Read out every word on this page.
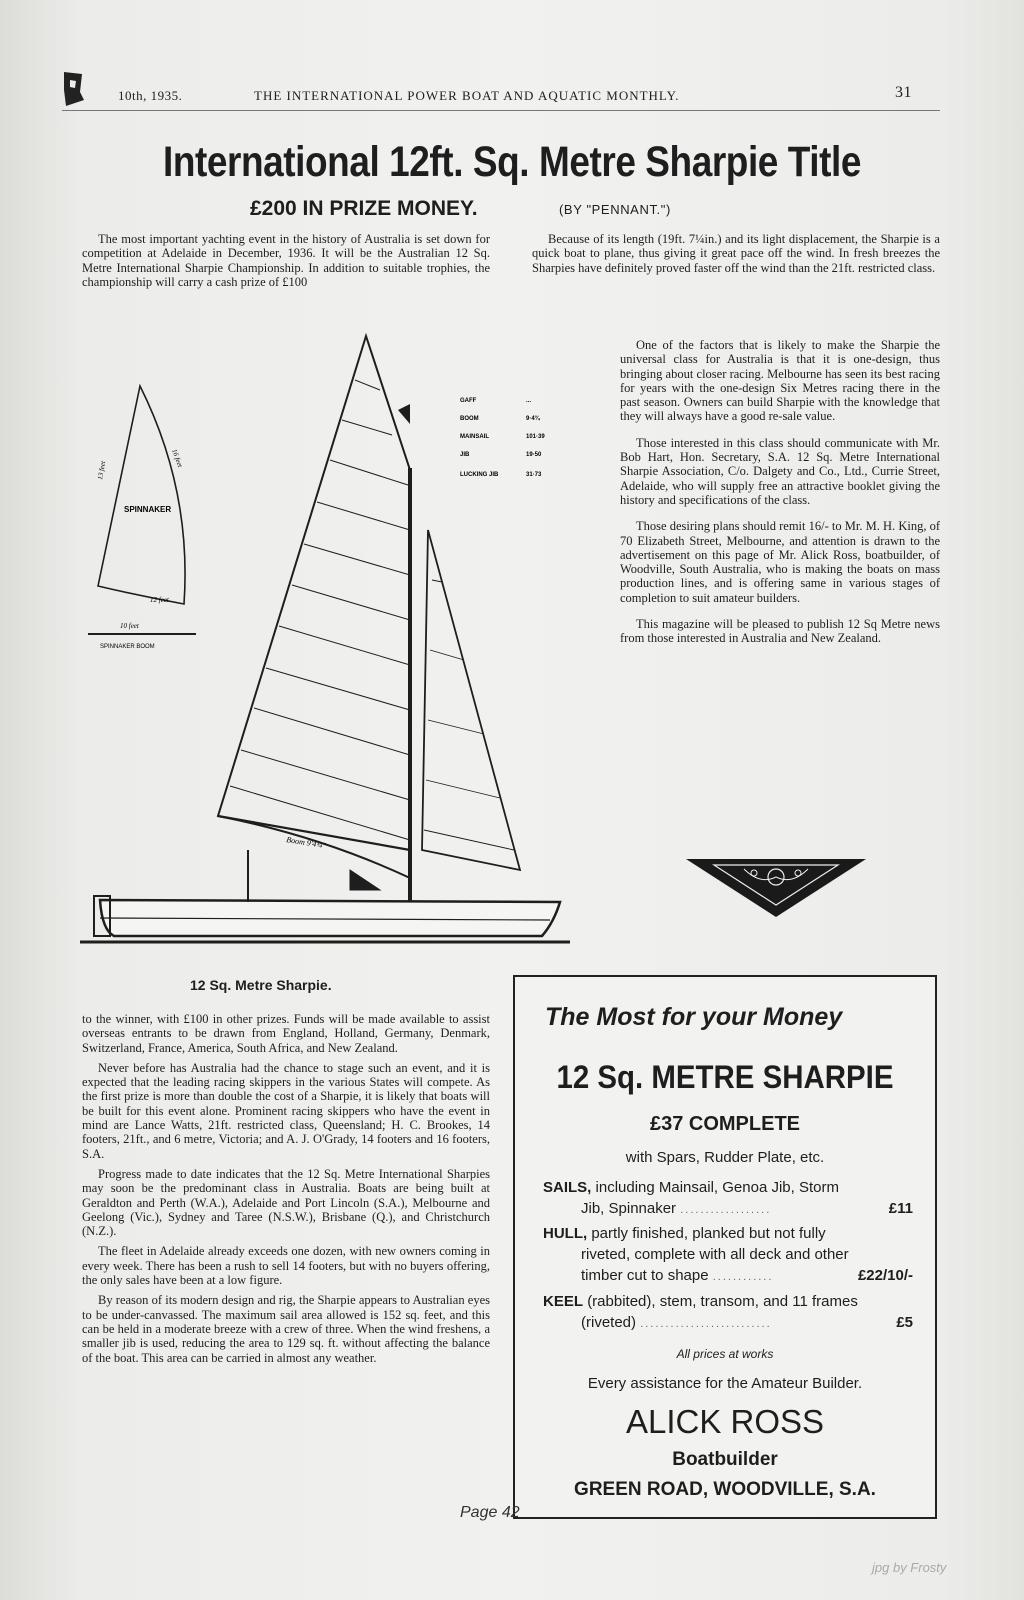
10th, 1935.	THE INTERNATIONAL POWER BOAT AND AQUATIC MONTHLY.	31
International 12ft. Sq. Metre Sharpie Title
£200 IN PRIZE MONEY.	(BY "PENNANT.")

The most important yachting event in the history of Australia is set down for competition at Adelaide in December, 1936. It will be the Australian 12 Sq. Metre International Sharpie Championship. In addition to suitable trophies, the championship will carry a cash prize of £100

Because of its length (19ft. 7¼in.) and its light displacement, the Sharpie is a quick boat to plane, thus giving it great pace off the wind. In fresh breezes the Sharpies have definitely proved faster off the wind than the 21ft. restricted class.

SPINNAKER
13 feet
16 feet
12 feet
10 feet
SPINNAKER BOOM
Boom 9'4¾"
GAFF	...
BOOM	9·4¾
MAINSAIL	101·39
JIB	19·50
LUCKING JIB	31·73
12 Sq. Metre Sharpie.

One of the factors that is likely to make the Sharpie the universal class for Australia is that it is one-design, thus bringing about closer racing. Melbourne has seen its best racing for years with the one-design Six Metres racing there in the past season. Owners can build Sharpie with the knowledge that they will always have a good re-sale value.

Those interested in this class should communicate with Mr. Bob Hart, Hon. Secretary, S.A. 12 Sq. Metre International Sharpie Association, C/o. Dalgety and Co., Ltd., Currie Street, Adelaide, who will supply free an attractive booklet giving the history and specifications of the class.

Those desiring plans should remit 16/- to Mr. M. H. King, of 70 Elizabeth Street, Melbourne, and attention is drawn to the advertisement on this page of Mr. Alick Ross, boatbuilder, of Woodville, South Australia, who is making the boats on mass production lines, and is offering same in various stages of completion to suit amateur builders.

This magazine will be pleased to publish 12 Sq Metre news from those interested in Australia and New Zealand.

to the winner, with £100 in other prizes. Funds will be made available to assist overseas entrants to be drawn from England, Holland, Germany, Denmark, Switzerland, France, America, South Africa, and New Zealand.

Never before has Australia had the chance to stage such an event, and it is expected that the leading racing skippers in the various States will compete. As the first prize is more than double the cost of a Sharpie, it is likely that boats will be built for this event alone. Prominent racing skippers who have the event in mind are Lance Watts, 21ft. restricted class, Queensland; H. C. Brookes, 14 footers, 21ft., and 6 metre, Victoria; and A. J. O'Grady, 14 footers and 16 footers, S.A.

Progress made to date indicates that the 12 Sq. Metre International Sharpies may soon be the predominant class in Australia. Boats are being built at Geraldton and Perth (W.A.), Adelaide and Port Lincoln (S.A.), Melbourne and Geelong (Vic.), Sydney and Taree (N.S.W.), Brisbane (Q.), and Christchurch (N.Z.).

The fleet in Adelaide already exceeds one dozen, with new owners coming in every week. There has been a rush to sell 14 footers, but with no buyers offering, the only sales have been at a low figure.

By reason of its modern design and rig, the Sharpie appears to Australian eyes to be under-canvassed. The maximum sail area allowed is 152 sq. feet, and this can be held in a moderate breeze with a crew of three. When the wind freshens, a smaller jib is used, reducing the area to 129 sq. ft. without affecting the balance of the boat. This area can be carried in almost any weather.

The Most for your Money
12 Sq. METRE SHARPIE
£37 COMPLETE
with Spars, Rudder Plate, etc.
SAILS, including Mainsail, Genoa Jib, Storm
Jib, Spinnaker ..................	£11
HULL, partly finished, planked but not fully
riveted, complete with all deck and other
timber cut to shape ............	£22/10/-
KEEL (rabbited), stem, transom, and 11 frames
(riveted) ..........................	£5
All prices at works
Every assistance for the Amateur Builder.
ALICK ROSS
Boatbuilder
GREEN ROAD, WOODVILLE, S.A.
Page 42
jpg by Frosty
